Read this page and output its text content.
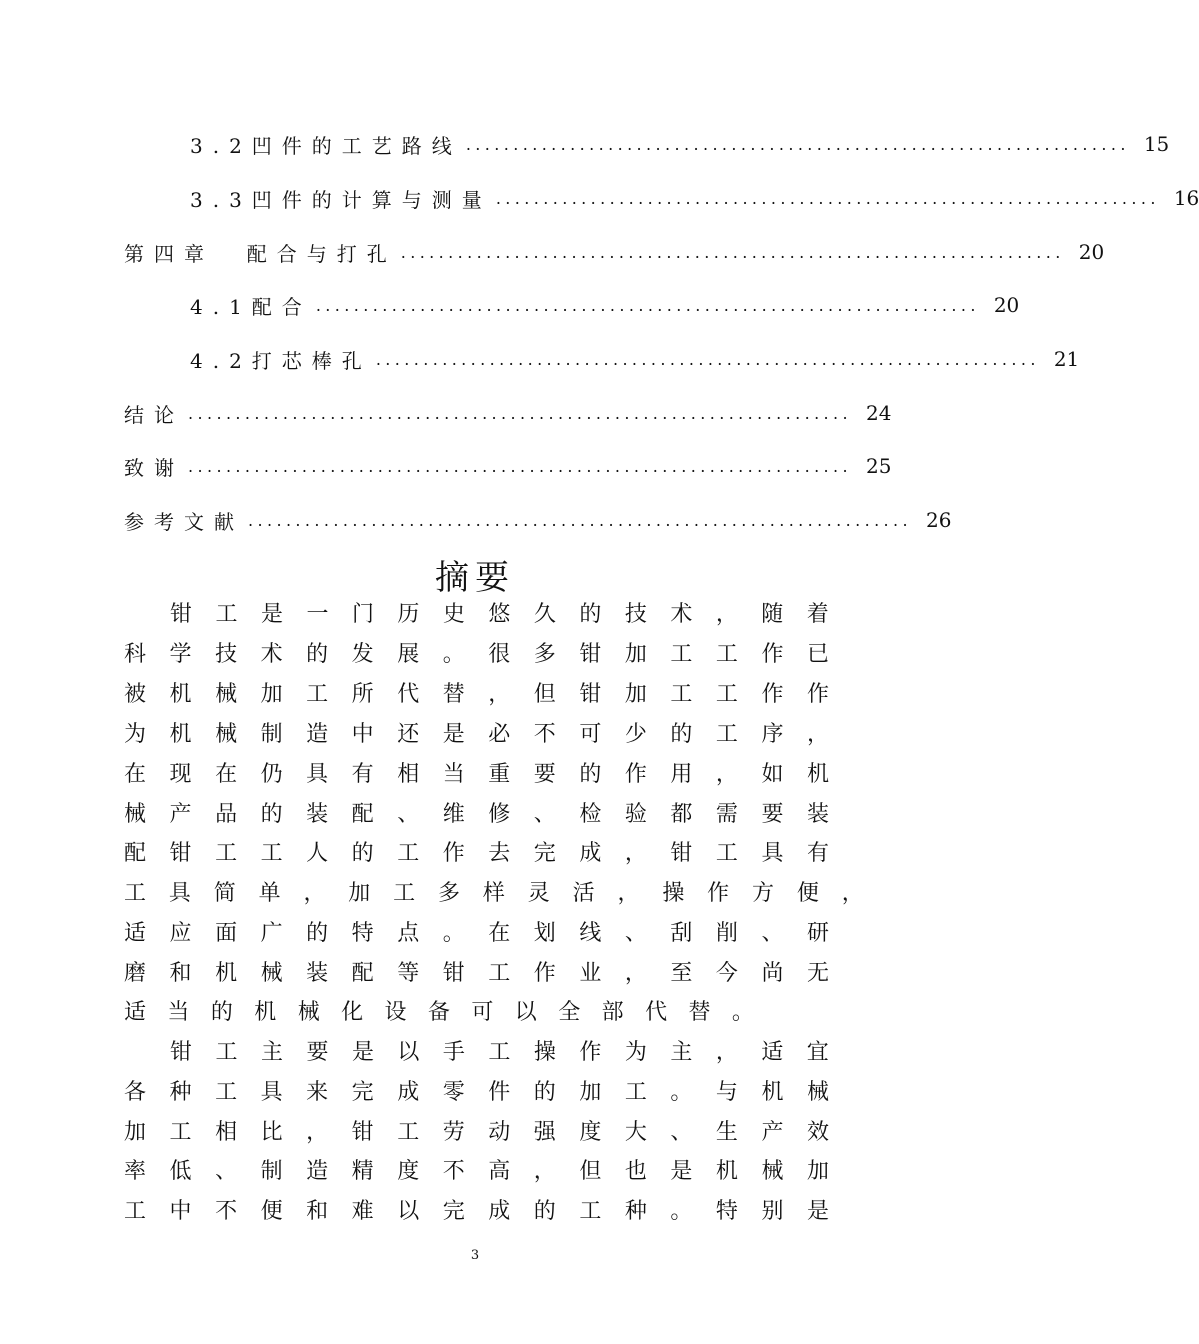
3.2凹件的工艺路线 ...................................................................... 15
3.3凹件的计算与测量 ...................................................................... 16
第四章  配合与打孔 ...................................................................... 20
4.1配合 ...................................................................... 20
4.2打芯棒孔 ...................................................................... 21
结论 ...................................................................... 24
致谢 ...................................................................... 25
参考文献 ...................................................................... 26
摘要
钳 工 是 一 门 历 史 悠 久 的 技 术 ， 随 着
科 学 技 术 的 发 展 。 很 多 钳 加 工 工 作 已
被 机 械 加 工 所 代 替 ， 但 钳 加 工 工 作 作
为 机 械 制 造 中 还 是 必 不 可 少 的 工 序 ，
在 现 在 仍 具 有 相 当 重 要 的 作 用 ， 如 机
械 产 品 的 装 配 、 维 修 、 检 验 都 需 要 装
配 钳 工 工 人 的 工 作 去 完 成 ， 钳 工 具 有
工 具 简 单 ， 加 工 多 样 灵 活 ， 操 作 方 便 ，
适 应 面 广 的 特 点 。 在 划 线 、 刮 削 、 研
磨 和 机 械 装 配 等 钳 工 作 业 ， 至 今 尚 无
适 当 的 机 械 化 设 备 可 以 全 部 代 替 。
钳 工 主 要 是 以 手 工 操 作 为 主 ， 适 宜
各 种 工 具 来 完 成 零 件 的 加 工 。 与 机 械
加 工 相 比 ， 钳 工 劳 动 强 度 大 、 生 产 效
率 低 、 制 造 精 度 不 高 ， 但 也 是 机 械 加
工 中 不 便 和 难 以 完 成 的 工 种 。 特 别 是
3
